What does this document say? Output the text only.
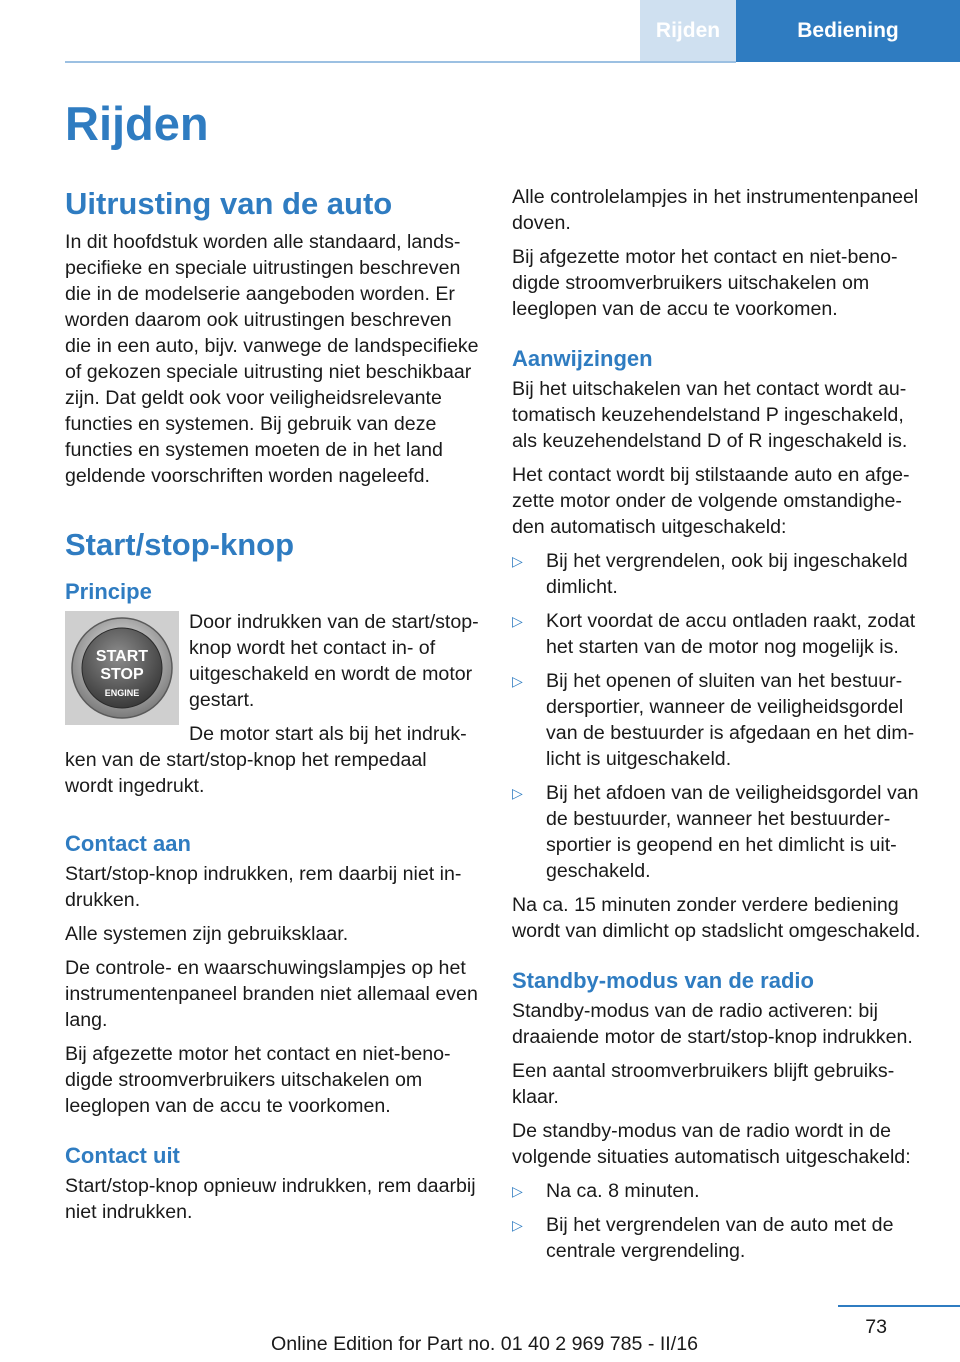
Rijden	Bediening
Rijden
Uitrusting van de auto

In dit hoofdstuk worden alle standaard, landspecifieke en speciale uitrustingen beschreven die in de modelserie aangeboden worden. Er worden daarom ook uitrustingen beschreven die in een auto, bijv. vanwege de landspecifieke of gekozen speciale uitrusting niet beschikbaar zijn. Dat geldt ook voor veiligheidsrelevante functies en systemen. Bij gebruik van deze functies en systemen moeten de in het land geldende voorschriften worden nageleefd.

Start/stop-knop
Principe
START
STOP
ENGINE

Door indrukken van de start/stop-knop wordt het contact in- of uitgeschakeld en wordt de motor gestart.

De motor start als bij het indrukken van de start/stop-knop het rempedaal wordt ingedrukt.

Contact aan

Start/stop-knop indrukken, rem daarbij niet indrukken.

Alle systemen zijn gebruiksklaar.

De controle- en waarschuwingslampjes op het instrumentenpaneel branden niet allemaal even lang.

Bij afgezette motor het contact en niet-benodigde stroomverbruikers uitschakelen om leeglopen van de accu te voorkomen.

Contact uit

Start/stop-knop opnieuw indrukken, rem daarbij niet indrukken.

Alle controlelampjes in het instrumentenpaneel doven.

Bij afgezette motor het contact en niet-benodigde stroomverbruikers uitschakelen om leeglopen van de accu te voorkomen.

Aanwijzingen

Bij het uitschakelen van het contact wordt automatisch keuzehendelstand P ingeschakeld, als keuzehendelstand D of R ingeschakeld is.

Het contact wordt bij stilstaande auto en afgezette motor onder de volgende omstandigheden automatisch uitgeschakeld:

▷ Bij het vergrendelen, ook bij ingeschakeld dimlicht.
▷ Kort voordat de accu ontladen raakt, zodat het starten van de motor nog mogelijk is.
▷ Bij het openen of sluiten van het bestuurdersportier, wanneer de veiligheidsgordel van de bestuurder is afgedaan en het dimlicht is uitgeschakeld.
▷ Bij het afdoen van de veiligheidsgordel van de bestuurder, wanneer het bestuurdersportier is geopend en het dimlicht is uitgeschakeld.

Na ca. 15 minuten zonder verdere bediening wordt van dimlicht op stadslicht omgeschakeld.

Standby-modus van de radio

Standby-modus van de radio activeren: bij draaiende motor de start/stop-knop indrukken.

Een aantal stroomverbruikers blijft gebruiksklaar.

De standby-modus van de radio wordt in de volgende situaties automatisch uitgeschakeld:

▷ Na ca. 8 minuten.
▷ Bij het vergrendelen van de auto met de centrale vergrendeling.
73
Online Edition for Part no. 01 40 2 969 785 - II/16
